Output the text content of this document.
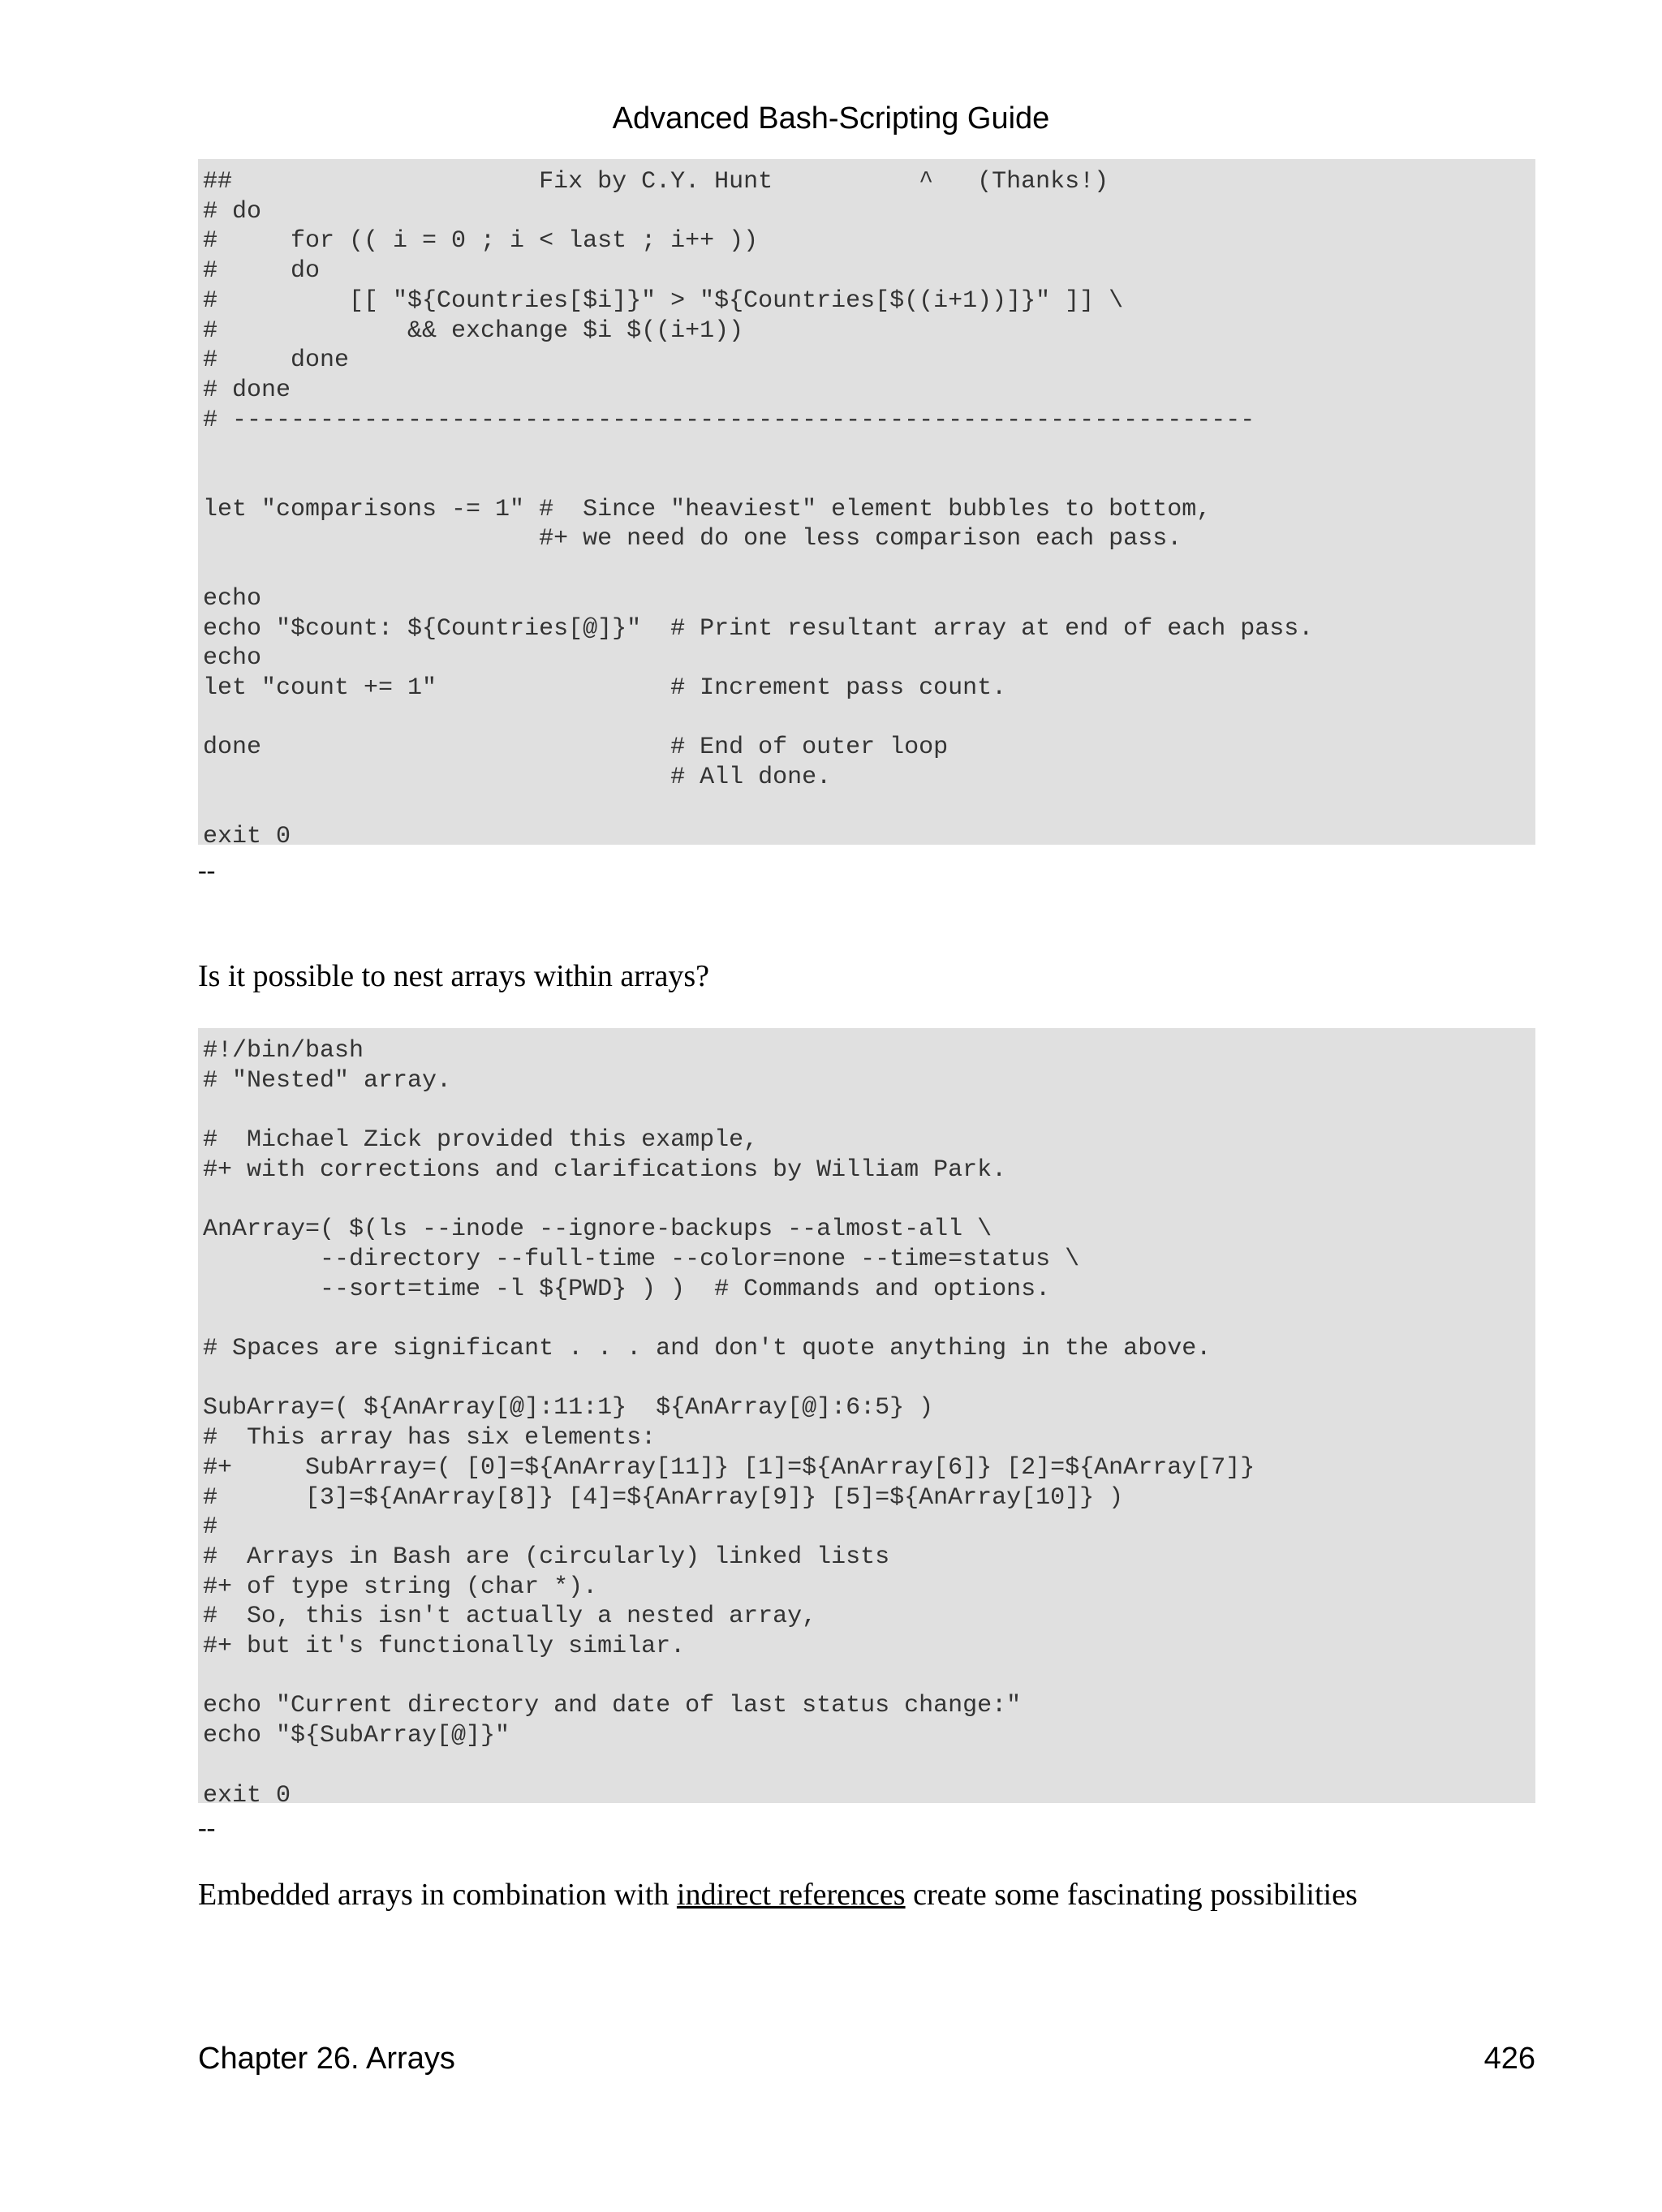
Advanced Bash-Scripting Guide
##                     Fix by C.Y. Hunt          ^   (Thanks!)
# do
#     for (( i = 0 ; i < last ; i++ ))
#     do
#         [[ "${Countries[$i]}" > "${Countries[$((i+1))]}" ]] \
#             && exchange $i $((i+1))
#     done
# done
# ----------------------------------------------------------------------

let "comparisons -= 1" #  Since "heaviest" element bubbles to bottom,
#+ we need do one less comparison each pass.

echo
echo "$count: ${Countries[@]}"  # Print resultant array at end of each pass.
echo
let "count += 1"                # Increment pass count.

done                            # End of outer loop
# All done.

exit 0

--

Is it possible to nest arrays within arrays?

#!/bin/bash
# "Nested" array.

#  Michael Zick provided this example,
#+ with corrections and clarifications by William Park.

AnArray=( $(ls --inode --ignore-backups --almost-all \
--directory --full-time --color=none --time=status \
--sort=time -l ${PWD} ) )  # Commands and options.

# Spaces are significant . . . and don't quote anything in the above.

SubArray=( ${AnArray[@]:11:1}  ${AnArray[@]:6:5} )
#  This array has six elements:
#+     SubArray=( [0]=${AnArray[11]} [1]=${AnArray[6]} [2]=${AnArray[7]}
#      [3]=${AnArray[8]} [4]=${AnArray[9]} [5]=${AnArray[10]} )
#
#  Arrays in Bash are (circularly) linked lists
#+ of type string (char *).
#  So, this isn't actually a nested array,
#+ but it's functionally similar.

echo "Current directory and date of last status change:"
echo "${SubArray[@]}"

exit 0

--

Embedded arrays in combination with indirect references create some fascinating possibilities

Chapter 26. Arrays	426
